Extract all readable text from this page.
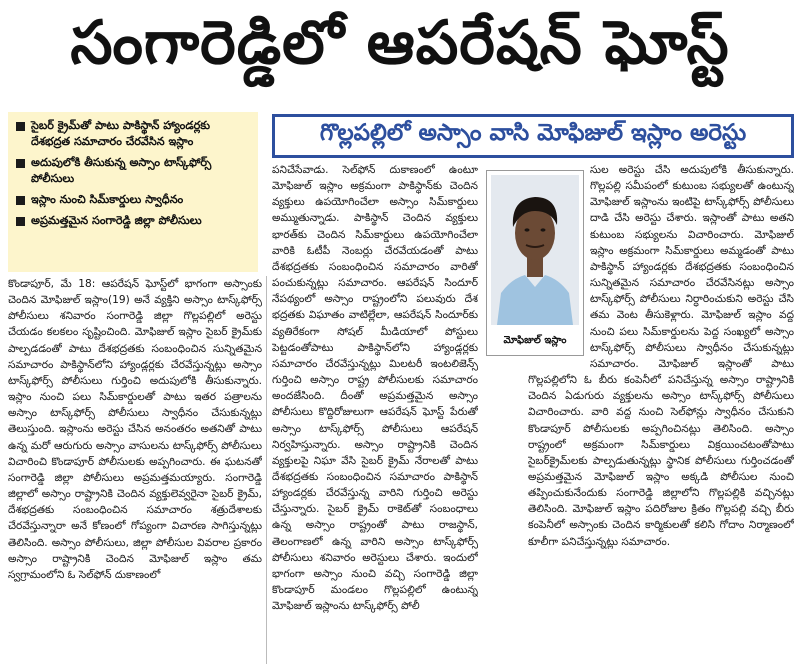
సంగారెడ్డిలో ఆపరేషన్ ఘోస్ట్
సైబర్ క్రైమ్‌తో పాటు పాకిస్థాన్ హ్యాండర్లకు దేశభద్రత సమాచారం చేరవేసిన ఇస్లాం
అదుపులోకి తీసుకున్న అస్సాం టాస్క్‌ఫోర్స్ పోలీసులు
ఇస్లాం నుంచి సిమ్‌కార్డులు స్వాధీనం
అప్రమత్తమైన సంగారెడ్డి జిల్లా పోలీసులు
గొల్లపల్లిలో అస్సాం వాసి మోఫిజుల్ ఇస్లాం అరెస్టు
కొండాపూర్, మే 18: ఆపరేషన్ ఘోస్ట్‌లో భాగంగా అస్సాంకు చెందిన మోఫిజుల్ ఇస్లాం(19) అనే వ్యక్తిని అస్సాం టాస్క్‌ఫోర్స్ పోలీసులు శనివారం సంగారెడ్డి జిల్లా గొల్లపల్లిలో అరెస్టు చేయడం కలకలం సృష్టించింది. మోఫిజుల్ ఇస్లాం సైబర్ క్రైమ్‌కు పాల్పడడంతో పాటు దేశభద్రతకు సంబంధించిన సున్నితమైన సమాచారం పాకిస్థాన్‌లోని హ్యాండ్లర్లకు చేరవేస్తున్నట్లు అస్సాం టాస్క్‌ఫోర్స్ పోలీసులు గుర్తించి అదుపులోకి తీసుకున్నారు. ఇస్లాం నుంచి పలు సిమ్‌కార్డులతో పాటు ఇతర పత్రాలను అస్సాం టాస్క్‌ఫోర్స్ పోలీసులు స్వాధీనం చేసుకున్నట్లు తెలుస్తుంది. ఇస్లాంను అరెస్టు చేసిన అనంతరం అతనితో పాటు ఉన్న మరో ఆరుగురు అస్సాం వాసులను టాస్క్‌ఫోర్స్ పోలీసులు విచారించి కొండాపూర్ పోలీసులకు అప్పగించారు. ఈ ఘటనతో సంగారెడ్డి జిల్లా పోలీసులు అప్రమత్తమయ్యారు. సంగారెడ్డి జిల్లాలో అస్సాం రాష్ట్రానికి చెందిన వ్యక్తులెవ్వరైనా సైబర్ క్రైమ్, దేశభద్రతకు సంబంధించిన సమాచారం శత్రుదేశాలకు చేరవేస్తున్నారా అనే కోణంలో గోప్యంగా విచారణ సాగిస్తున్నట్లు తెలిసింది. అస్సాం పోలీసులు, జిల్లా పోలీసుల వివరాల ప్రకారం అస్సాం రాష్ట్రానికి చెందిన మోఫిజుల్ ఇస్లాం తమ స్వగ్రామంలోని ఓ సెల్‌ఫోన్ దుకాణంలో
పనిచేసేవాడు. సెల్‌ఫోన్ దుకాణంలో ఉంటూ మోఫిజుల్ ఇస్లాం అక్రమంగా పాకిస్థాన్‌కు చెందిన వ్యక్తులు ఉపయోగించేలా అస్సాం సిమ్‌కార్డులు అమ్ముతున్నాడు. పాకిస్థాన్ చెందిన వ్యక్తులు భారత్‌కు చెందిన సిమ్‌కార్డులు ఉపయోగించేలా వారికి ఓటీపీ నెంబర్లు చేరవేయడంతో పాటు దేశభద్రతకు సంబంధించిన సమాచారం వారితో పంచుకున్నట్లు సమాచారం. ఆపరేషన్ సిందూర్ నేపథ్యంలో అస్సాం రాష్ట్రంలోని పలువురు దేశ భద్రతకు విఘాతం వాటిల్లేలా, ఆపరేషన్ సిందూర్‌కు వ్యతిరేకంగా సోషల్ మీడియాలో పోస్టులు పెట్టడంతోపాటు పాకిస్థాన్‌లోని హ్యాండ్లర్లకు సమాచారం చేరవేస్తున్నట్లు మిలటరీ ఇంటలిజెన్స్ గుర్తించి అస్సాం రాష్ట్ర పోలీసులకు సమాచారం అందజేసింది. దీంతో అప్రమత్తమైన అస్సాం పోలీసులు కొద్దిరోజులుగా ఆపరేషన్ ఘోస్ట్ పేరుతో అస్సాం టాస్క్‌ఫోర్స్ పోలీసులు ఆపరేషన్ నిర్వహిస్తున్నారు. అస్సాం రాష్ట్రానికి చెందిన వ్యక్తులపై నిఘా వేసి సైబర్ క్రైమ్ నేరాలతో పాటు దేశభద్రతకు సంబంధించిన సమాచారం పాకిస్థాన్ హ్యాండర్లకు చేరవేస్తున్న వారిని గుర్తించి అరెస్టు చేస్తున్నారు. సైబర్ క్రైమ్ రాకెట్‌తో సంబంధాలు ఉన్న అస్సాం రాష్ట్రంతో పాటు రాజస్థాన్, తెలంగాణలో ఉన్న వారిని అస్సాం టాస్క్‌ఫోర్స్ పోలీసులు శనివారం అరెస్టులు చేశారు. ఇందులో భాగంగా అస్సాం నుంచి వచ్చి సంగారెడ్డి జిల్లా కొండాపూర్ మండలం గొల్లపల్లిలో ఉంటున్న మోఫిజుల్ ఇస్లాంను టాస్క్‌ఫోర్స్ పోలీ
సుల అరెస్టు చేసి అదుపులోకి తీసుకున్నారు. గొల్లపల్లి సమీపంలో కుటుంబ సభ్యులతో ఉంటున్న మోఫిజుల్ ఇస్లాంను ఇంటిపై టాస్క్‌ఫోర్స్ పోలీసులు దాడి చేసి అరెస్టు చేశారు. ఇస్లాంతో పాటు అతని కుటుంబ సభ్యులను విచారించారు. మోఫిజుల్ ఇస్లాం అక్రమంగా సిమ్‌కార్డులు అమ్మడంతో పాటు పాకిస్థాన్ హ్యాండర్లకు దేశభద్రతకు సంబంధించిన సున్నితమైన సమాచారం చేరవేసినట్లు అస్సాం టాస్క్‌ఫోర్స్ పోలీసులు నిర్ధారించుకుని అరెస్టు చేసి తమ వెంట తీసుకెళ్లారు. మోఫిజుల్ ఇస్లాం వద్ద నుంచి పలు సిమ్‌కార్డులను పెద్ద సంఖ్యలో అస్సాం టాస్క్‌ఫోర్స్ పోలీసులు స్వాధీనం చేసుకున్నట్లు సమాచారం. మోఫిజుల్ ఇస్లాంతో పాటు గొల్లపల్లిలోని ఓ బీరు కంపెనీలో పనిచేస్తున్న అస్సాం రాష్ట్రానికి చెందిన ఏడుగురు వ్యక్తులను అస్సాం టాస్క్‌ఫోర్స్ పోలీసులు విచారించారు. వారి వద్ద నుంచి సెల్‌ఫోన్లు స్వాధీనం చేసుకుని కొండాపూర్ పోలీసులకు అప్పగించినట్లు తెలిసింది. అస్సాం రాష్ట్రంలో అక్రమంగా సిమ్‌కార్డులు విక్రయించటంతోపాటు సైబర్‌క్రైమ్‌లకు పాల్పడుతున్నట్లు స్థానిక పోలీసులు గుర్తించడంతో అప్రమత్తమైన మోఫిజుల్ ఇస్లాం అక్కడి పోలీసుల నుంచి తప్పించుకునేందుకు సంగారెడ్డి జిల్లాలోని గొల్లపల్లికి వచ్చినట్లు తెలిసింది. మోఫిజుల్ ఇస్లాం పదిరోజుల క్రితం గొల్లపల్లి వచ్చి బీరు కంపెనీలో అస్సాంకు చెందిన కార్మికులతో కలిసి గోదాం నిర్మాణంలో కూలీగా పనిచేస్తున్నట్లు సమాచారం.
మోఫిజుల్ ఇస్లాం
